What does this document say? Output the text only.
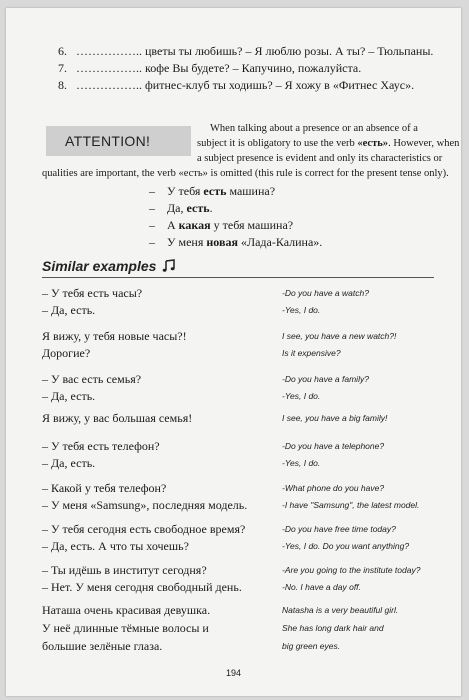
6. …………….. цветы ты любишь? – Я люблю розы. А ты? – Тюльпаны.
7. …………….. кофе Вы будете? – Капучино, пожалуйста.
8. …………….. фитнес-клуб ты ходишь? – Я хожу в «Фитнес Хаус».
ATTENTION!
When talking about a presence or an absence of a
subject it is obligatory to use the verb «есть». However, when
a subject presence is evident and only its characteristics or
qualities are important, the verb «есть» is omitted (this rule is correct for the present tense only).
– У тебя есть машина?
– Да, есть.
– А какая у тебя машина?
– У меня новая «Лада-Калина».
Similar examples
– У тебя есть часы?	-Do you have a watch?
– Да, есть.	-Yes, I do.
Я вижу, у тебя новые часы?!	I see, you have a new watch?!
Дорогие?	Is it expensive?
– У вас есть семья?	-Do you have a family?
– Да, есть.	-Yes, I do.
Я вижу, у вас большая семья!	I see, you have a big family!
– У тебя есть телефон?	-Do you have a telephone?
– Да, есть.	-Yes, I do.
– Какой у тебя телефон?	-What phone do you have?
– У меня «Samsung», последняя модель.	-I have "Samsung", the latest model.
– У тебя сегодня есть свободное время?	-Do you have free time today?
– Да, есть. А что ты хочешь?	-Yes, I do. Do you want anything?
– Ты идёшь в институт сегодня?	-Are you going to the institute today?
– Нет. У меня сегодня свободный день.	-No. I have a day off.
Наташа очень красивая девушка.	Natasha is a very beautiful girl.
У неё длинные тёмные волосы и	She has long dark hair and
большие зелёные глаза.	big green eyes.
194
